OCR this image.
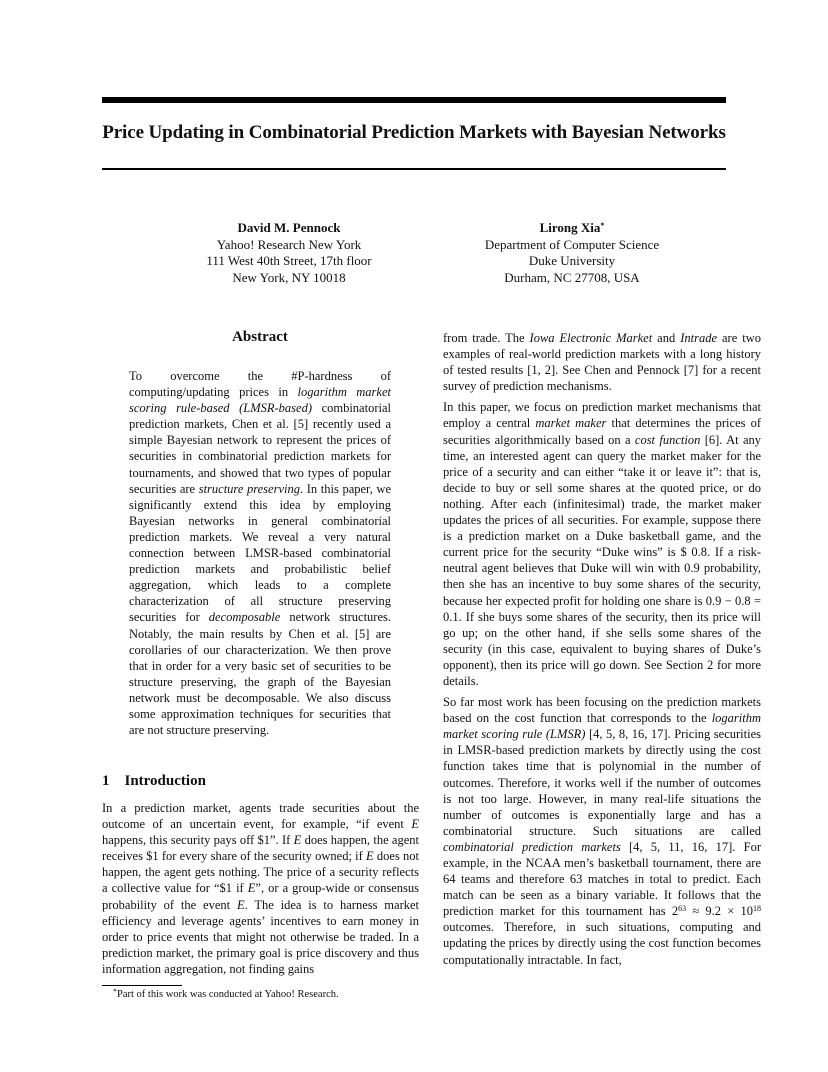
Price Updating in Combinatorial Prediction Markets with Bayesian Networks
David M. Pennock
Yahoo! Research New York
111 West 40th Street, 17th floor
New York, NY 10018
Lirong Xia*
Department of Computer Science
Duke University
Durham, NC 27708, USA
Abstract
To overcome the #P-hardness of computing/updating prices in logarithm market scoring rule-based (LMSR-based) combinatorial prediction markets, Chen et al. [5] recently used a simple Bayesian network to represent the prices of securities in combinatorial prediction markets for tournaments, and showed that two types of popular securities are structure preserving. In this paper, we significantly extend this idea by employing Bayesian networks in general combinatorial prediction markets. We reveal a very natural connection between LMSR-based combinatorial prediction markets and probabilistic belief aggregation, which leads to a complete characterization of all structure preserving securities for decomposable network structures. Notably, the main results by Chen et al. [5] are corollaries of our characterization. We then prove that in order for a very basic set of securities to be structure preserving, the graph of the Bayesian network must be decomposable. We also discuss some approximation techniques for securities that are not structure preserving.
1 Introduction
In a prediction market, agents trade securities about the outcome of an uncertain event, for example, “if event E happens, this security pays off $1”. If E does happen, the agent receives $1 for every share of the security owned; if E does not happen, the agent gets nothing. The price of a security reflects a collective value for “$1 if E”, or a group-wide or consensus probability of the event E. The idea is to harness market efficiency and leverage agents’ incentives to earn money in order to price events that might not otherwise be traded. In a prediction market, the primary goal is price discovery and thus information aggregation, not finding gains
*Part of this work was conducted at Yahoo! Research.

from trade. The Iowa Electronic Market and Intrade are two examples of real-world prediction markets with a long history of tested results [1, 2]. See Chen and Pennock [7] for a recent survey of prediction mechanisms.

In this paper, we focus on prediction market mechanisms that employ a central market maker that determines the prices of securities algorithmically based on a cost function [6]. At any time, an interested agent can query the market maker for the price of a security and can either “take it or leave it”: that is, decide to buy or sell some shares at the quoted price, or do nothing. After each (infinitesimal) trade, the market maker updates the prices of all securities. For example, suppose there is a prediction market on a Duke basketball game, and the current price for the security “Duke wins” is $ 0.8. If a risk-neutral agent believes that Duke will win with 0.9 probability, then she has an incentive to buy some shares of the security, because her expected profit for holding one share is 0.9 − 0.8 = 0.1. If she buys some shares of the security, then its price will go up; on the other hand, if she sells some shares of the security (in this case, equivalent to buying shares of Duke’s opponent), then its price will go down. See Section 2 for more details.

So far most work has been focusing on the prediction markets based on the cost function that corresponds to the logarithm market scoring rule (LMSR) [4, 5, 8, 16, 17]. Pricing securities in LMSR-based prediction markets by directly using the cost function takes time that is polynomial in the number of outcomes. Therefore, it works well if the number of outcomes is not too large. However, in many real-life situations the number of outcomes is exponentially large and has a combinatorial structure. Such situations are called combinatorial prediction markets [4, 5, 11, 16, 17]. For example, in the NCAA men’s basketball tournament, there are 64 teams and therefore 63 matches in total to predict. Each match can be seen as a binary variable. It follows that the prediction market for this tournament has $2^{63} \approx 9.2 \times 10^{18}$ outcomes. Therefore, in such situations, computing and updating the prices by directly using the cost function becomes computationally intractable. In fact,
